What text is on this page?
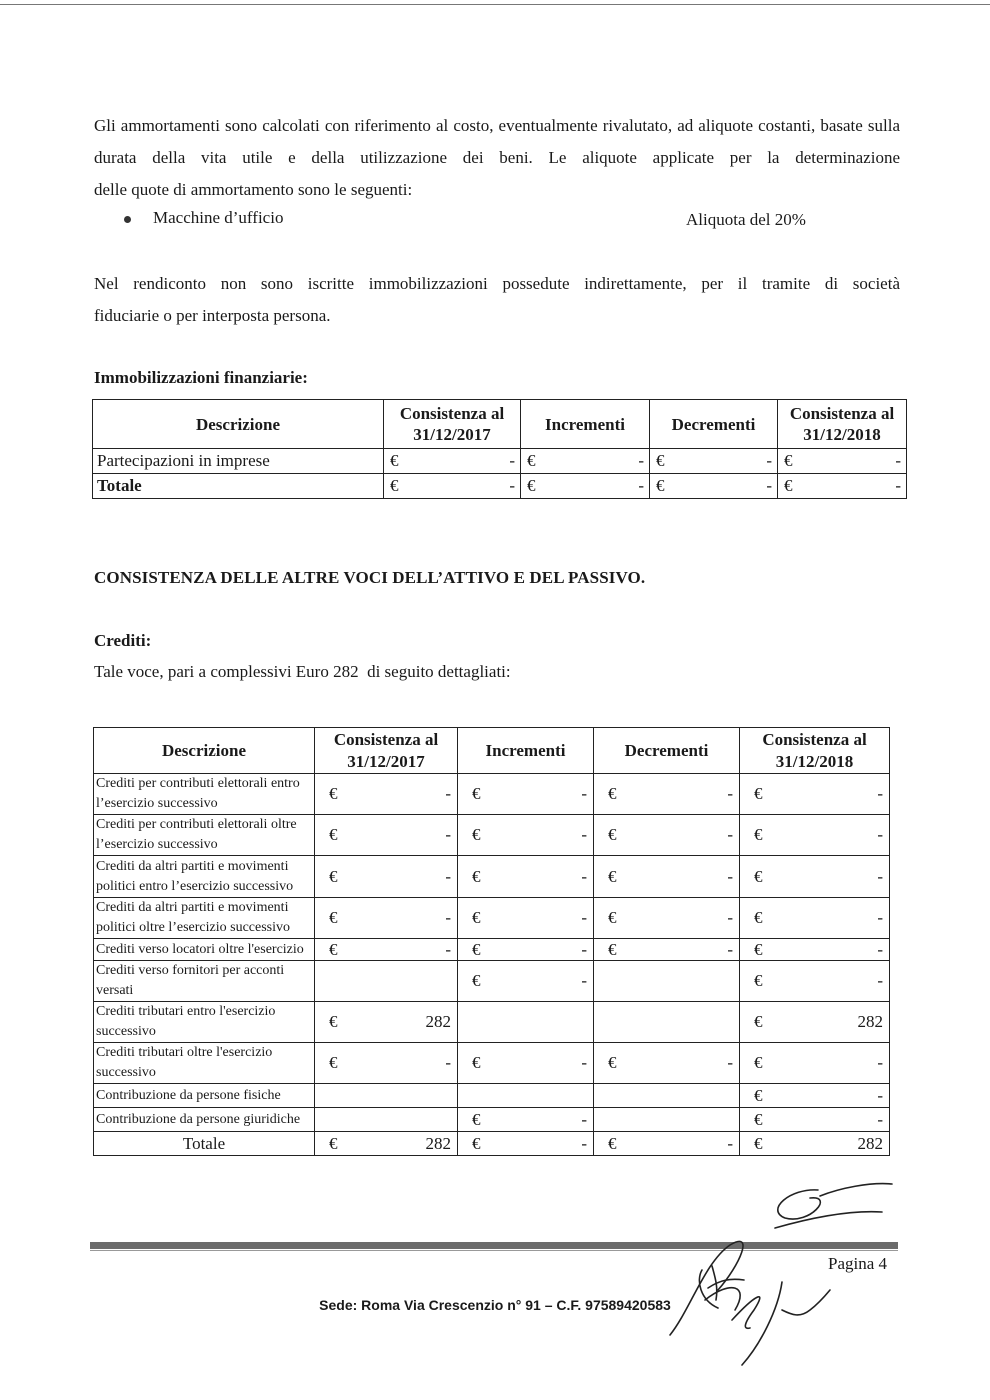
Gli ammortamenti sono calcolati con riferimento al costo, eventualmente rivalutato, ad aliquote costanti, basate sulla durata della vita utile e della utilizzazione dei beni. Le aliquote applicate per la determinazione
delle quote di ammortamento sono le seguenti:
Macchine d’ufficio	Aliquota del 20%
Nel rendiconto non sono iscritte immobilizzazioni possedute indirettamente, per il tramite di società
fiduciarie o per interposta persona.
Immobilizzazioni finanziarie:
Descrizione	Consistenza al 31/12/2017	Incrementi	Decrementi	Consistenza al 31/12/2018
Partecipazioni in imprese	€ -	€ -	€ -	€ -

Totale	€ -	€ -	€ -	€ -
CONSISTENZA DELLE ALTRE VOCI DELL’ATTIVO E DEL PASSIVO.
Crediti:
Tale voce, pari a complessivi Euro 282  di seguito dettagliati:
Descrizione	Consistenza al 31/12/2017	Incrementi	Decrementi	Consistenza al 31/12/2018
Crediti per contributi elettorali entro l’esercizio successivo	€ -	€ -	€ -	€ -

Crediti per contributi elettorali oltre l’esercizio successivo	€ -	€ -	€ -	€ -

Crediti da altri partiti e movimenti politici entro l’esercizio successivo	€ -	€ -	€ -	€ -

Crediti da altri partiti e movimenti politici oltre l’esercizio successivo	€ -	€ -	€ -	€ -

Crediti verso locatori oltre l'esercizio	€ -	€ -	€ -	€ -

Crediti verso fornitori per acconti versati		€ -		€ -

Crediti tributari entro l'esercizio successivo	€ 282			€ 282

Crediti tributari oltre l'esercizio successivo	€ -	€ -	€ -	€ -

Contribuzione da persone fisiche				€ -

Contribuzione da persone giuridiche		€ -		€ -

Totale	€ 282	€ -	€ -	€ 282
Pagina 4
Sede: Roma Via Crescenzio n° 91 – C.F. 97589420583
